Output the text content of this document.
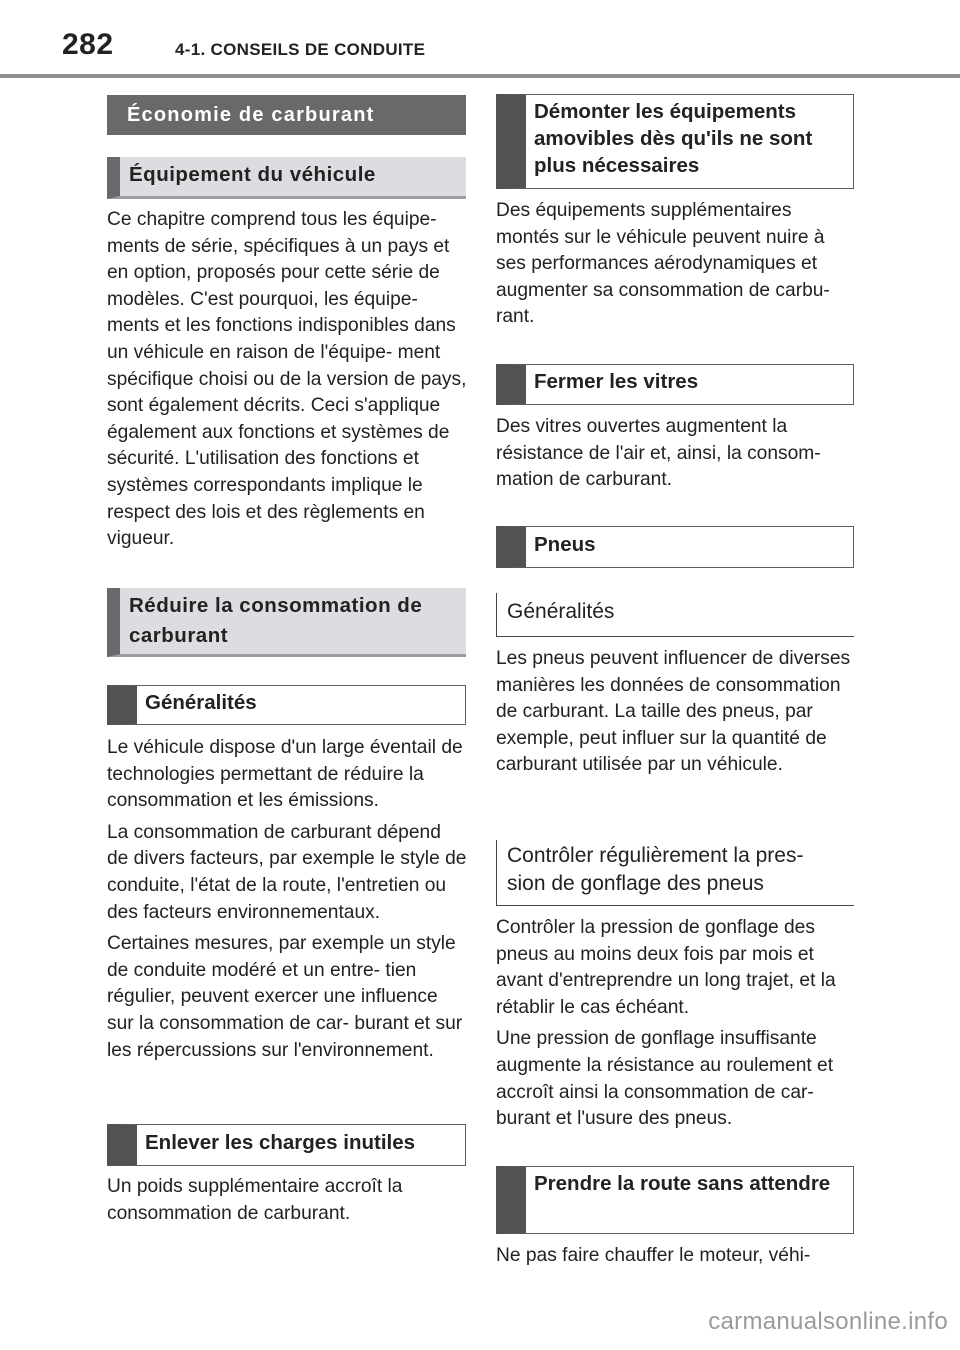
282	4-1. CONSEILS DE CONDUITE
Économie de carburant
Équipement du véhicule

Ce chapitre comprend tous les équipe- ments de série, spécifiques à un pays et en option, proposés pour cette série de modèles. C'est pourquoi, les équipe- ments et les fonctions indisponibles dans un véhicule en raison de l'équipe- ment spécifique choisi ou de la version de pays, sont également décrits. Ceci s'applique également aux fonctions et systèmes de sécurité. L'utilisation des fonctions et systèmes correspondants implique le respect des lois et des règlements en vigueur.

Réduire la consommation de carburant
Généralités

Le véhicule dispose d'un large éventail de technologies permettant de réduire la consommation et les émissions.

La consommation de carburant dépend de divers facteurs, par exemple le style de conduite, l'état de la route, l'entretien ou des facteurs environnementaux.

Certaines mesures, par exemple un style de conduite modéré et un entre- tien régulier, peuvent exercer une influence sur la consommation de car- burant et sur les répercussions sur l'environnement.

Enlever les charges inutiles

Un poids supplémentaire accroît la consommation de carburant.

Démonter les équipements amovibles dès qu'ils ne sont plus nécessaires

Des équipements supplémentaires montés sur le véhicule peuvent nuire à ses performances aérodynamiques et augmenter sa consommation de carbu- rant.

Fermer les vitres

Des vitres ouvertes augmentent la résistance de l'air et, ainsi, la consom- mation de carburant.

Pneus
Généralités

Les pneus peuvent influencer de diverses manières les données de consommation de carburant. La taille des pneus, par exemple, peut influer sur la quantité de carburant utilisée par un véhicule.

Contrôler régulièrement la pres- sion de gonflage des pneus

Contrôler la pression de gonflage des pneus au moins deux fois par mois et avant d'entreprendre un long trajet, et la rétablir le cas échéant.

Une pression de gonflage insuffisante augmente la résistance au roulement et accroît ainsi la consommation de car- burant et l'usure des pneus.

Prendre la route sans attendre

Ne pas faire chauffer le moteur, véhi-

carmanualsonline.info
